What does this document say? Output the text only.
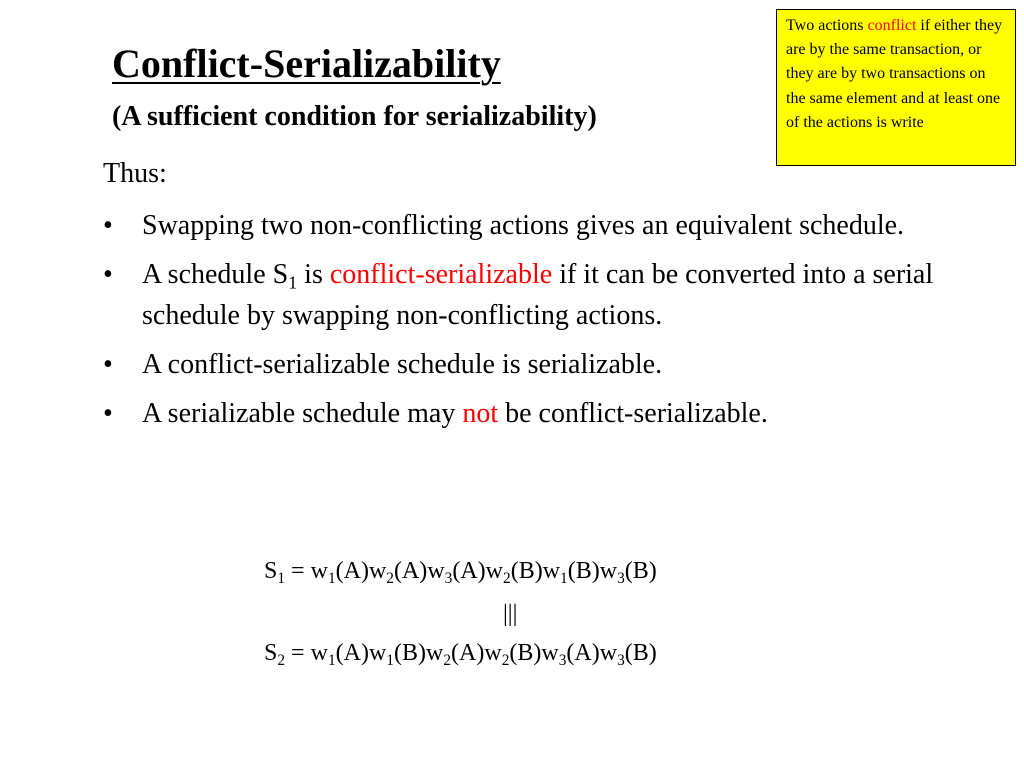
Conflict-Serializability
(A sufficient condition for serializability)
Two actions conflict if either they are by the same transaction, or they are by two transactions on the same element and at least one of the actions is write
Thus:
• Swapping two non-conflicting actions gives an equivalent schedule.
• A schedule $S_1$ is conflict-serializable if it can be converted into a serial schedule by swapping non-conflicting actions.
• A conflict-serializable schedule is serializable.
• A serializable schedule may not be conflict-serializable.
$S_1 = w_1(A)w_2(A)w_3(A)w_2(B)w_1(B)w_3(B)$
|||
$S_2 = w_1(A)w_1(B)w_2(A)w_2(B)w_3(A)w_3(B)$
